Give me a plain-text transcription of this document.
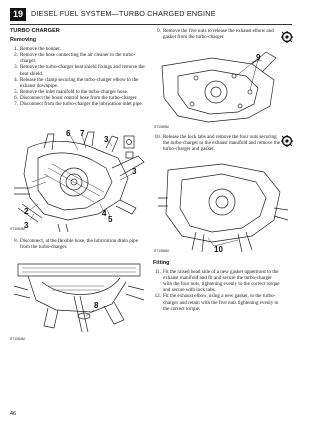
19	DIESEL FUEL SYSTEM—TURBO CHARGED ENGINE
TURBO CHARGER
Removing

1. Remove the bonnet.

2. Remove the hose connecting the air cleaner to the turbo-charger.

3. Remove the turbo-charger heat shield fixings and remove the heat shield.

4. Release the clamp securing the turbo-charger elbow to the exhaust downpipe.

5. Remove the inlet manifold to the turbo-charger hose.

6. Disconnect the boost control hose from the turbo-charger.

7. Disconnect from the turbo-charger the lubrication inlet pipe.

6 7
3
3
2	4
5
3
ST1083M

8. Disconnect, at the flexible hose, the lubrication drain pipe from the turbo-charger.

8
ST1084M

9. Remove the five nuts to release the exhaust elbow and gasket from the turbo-charger.

9
ST1085M

10. Release the lock tabs and remove the four nuts securing the turbo-charger to the exhaust manifold and remove the turbo-charger and gasket.

10
ST1086M
Fitting

11. Fit the raised head side of a new gasket uppermost to the exhaust manifold and fit and secure the turbo-charger with the four nuts, tightening evenly to the correct torque and secure with lock tabs.

12. Fit the exhaust elbow, using a new gasket, to the turbo-charger and retain with the five nuts tightening evenly to the correct torque.

46
